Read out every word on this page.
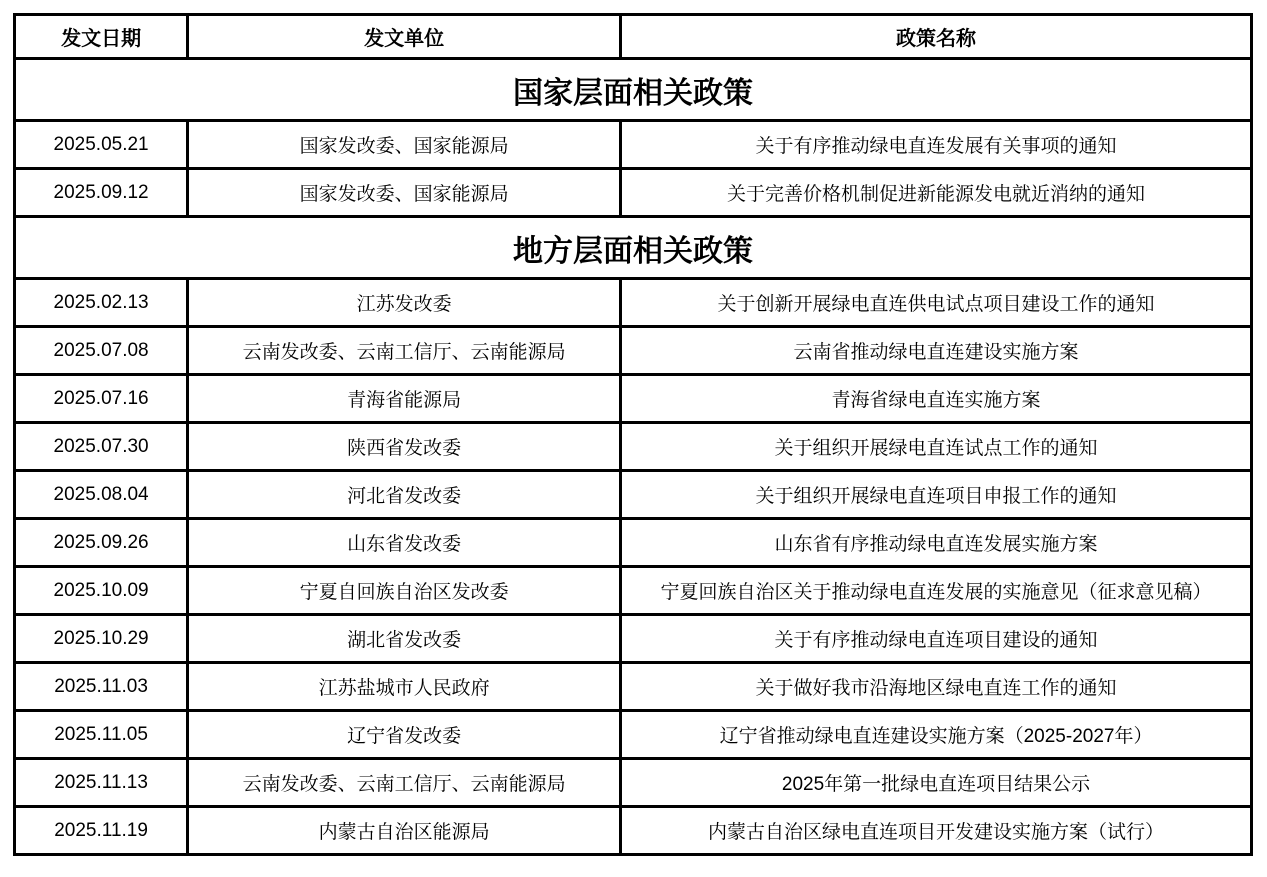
发文日期	发文单位	政策名称
国家层面相关政策		
2025.05.21	国家发改委、国家能源局	关于有序推动绿电直连发展有关事项的通知
2025.09.12	国家发改委、国家能源局	关于完善价格机制促进新能源发电就近消纳的通知
地方层面相关政策		
2025.02.13	江苏发改委	关于创新开展绿电直连供电试点项目建设工作的通知
2025.07.08	云南发改委、云南工信厅、云南能源局	云南省推动绿电直连建设实施方案
2025.07.16	青海省能源局	青海省绿电直连实施方案
2025.07.30	陕西省发改委	关于组织开展绿电直连试点工作的通知
2025.08.04	河北省发改委	关于组织开展绿电直连项目申报工作的通知
2025.09.26	山东省发改委	山东省有序推动绿电直连发展实施方案
2025.10.09	宁夏自回族自治区发改委	宁夏回族自治区关于推动绿电直连发展的实施意见（征求意见稿）
2025.10.29	湖北省发改委	关于有序推动绿电直连项目建设的通知
2025.11.03	江苏盐城市人民政府	关于做好我市沿海地区绿电直连工作的通知
2025.11.05	辽宁省发改委	辽宁省推动绿电直连建设实施方案（2025-2027年）
2025.11.13	云南发改委、云南工信厅、云南能源局	2025年第一批绿电直连项目结果公示
2025.11.19	内蒙古自治区能源局	内蒙古自治区绿电直连项目开发建设实施方案（试行）
